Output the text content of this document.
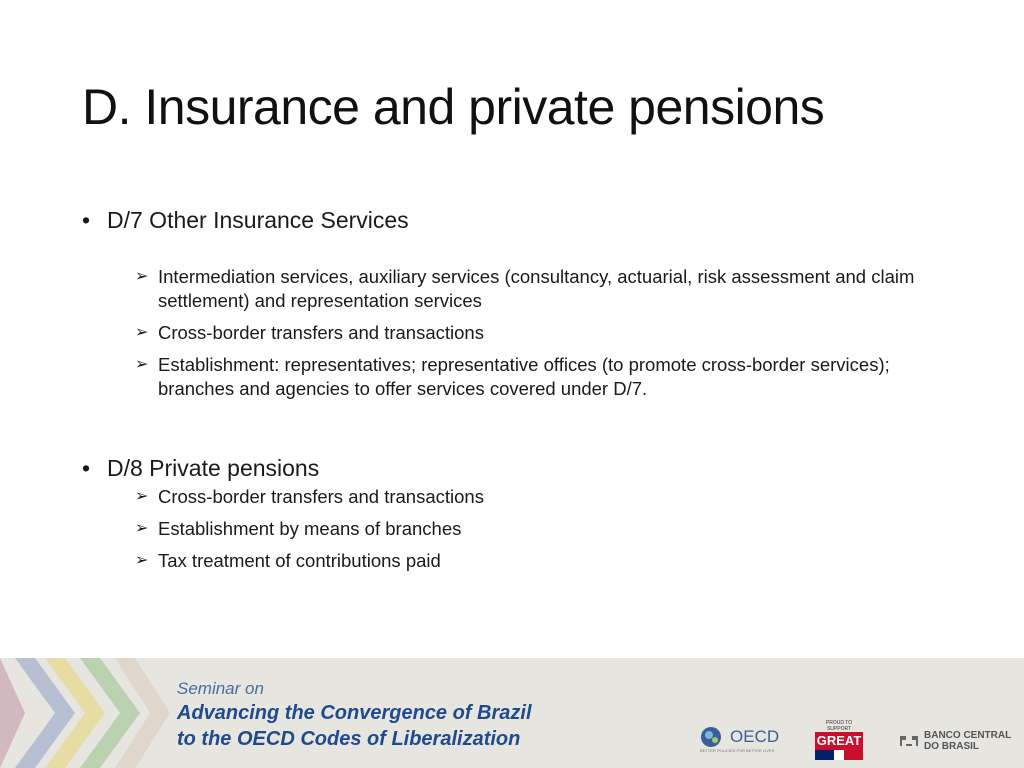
D. Insurance and private pensions
• D/7 Other Insurance Services
➢ Intermediation services, auxiliary services (consultancy, actuarial, risk assessment and claim settlement) and representation services
➢ Cross-border transfers and transactions
➢ Establishment: representatives; representative offices (to promote cross-border services); branches and agencies to offer services covered under D/7.
• D/8 Private pensions
➢ Cross-border transfers and transactions
➢ Establishment by means of branches
➢ Tax treatment of contributions paid
Seminar on
Advancing the Convergence of Brazil
to the OECD Codes of Liberalization	OECD
BETTER POLICIES FOR BETTER LIVES
PROUD TO SUPPORT
GREAT	BANCO CENTRAL
DO BRASIL
